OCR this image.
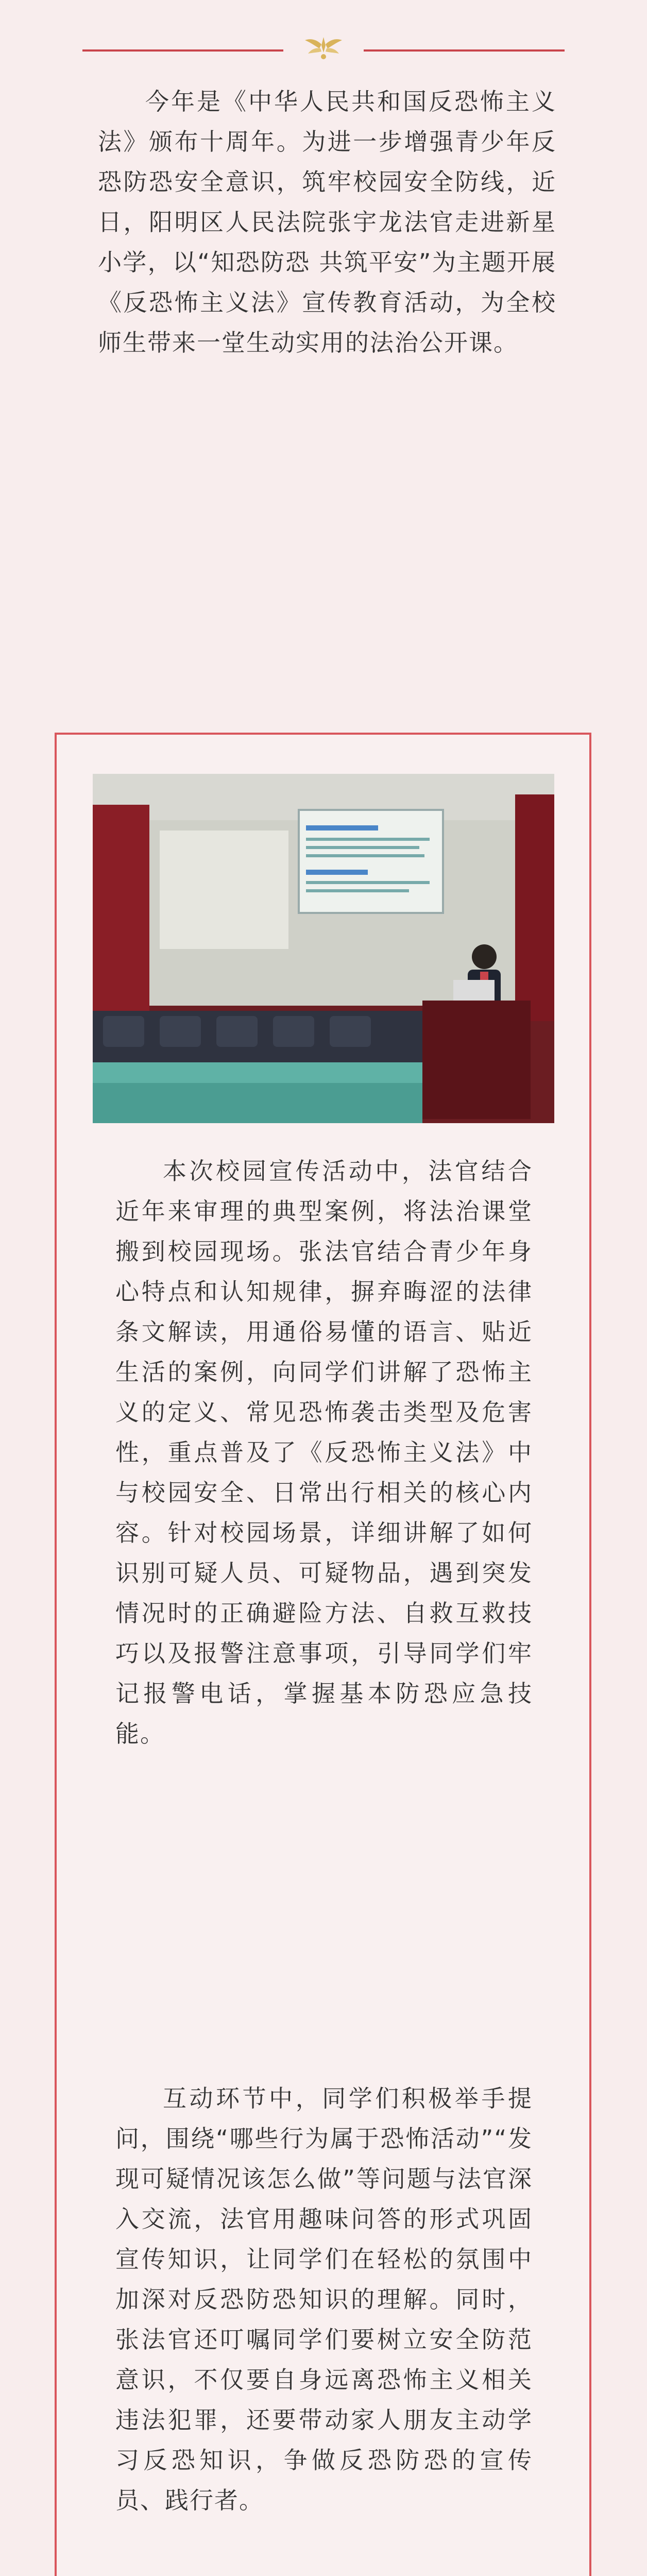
今年是《中华人民共和国反恐怖主义法》颁布十周年。为进一步增强青少年反恐防恐安全意识，筑牢校园安全防线，近日，阳明区人民法院张宇龙法官走进新星小学，以“知恐防恐 共筑平安”为主题开展《反恐怖主义法》宣传教育活动，为全校师生带来一堂生动实用的法治公开课。

本次校园宣传活动中，法官结合近年来审理的典型案例，将法治课堂搬到校园现场。张法官结合青少年身心特点和认知规律，摒弃晦涩的法律条文解读，用通俗易懂的语言、贴近生活的案例，向同学们讲解了恐怖主义的定义、常见恐怖袭击类型及危害性，重点普及了《反恐怖主义法》中与校园安全、日常出行相关的核心内容。针对校园场景，详细讲解了如何识别可疑人员、可疑物品，遇到突发情况时的正确避险方法、自救互救技巧以及报警注意事项，引导同学们牢记报警电话，掌握基本防恐应急技能。

互动环节中，同学们积极举手提问，围绕“哪些行为属于恐怖活动”“发现可疑情况该怎么做”等问题与法官深入交流，法官用趣味问答的形式巩固宣传知识，让同学们在轻松的氛围中加深对反恐防恐知识的理解。同时，张法官还叮嘱同学们要树立安全防范意识，不仅要自身远离恐怖主义相关违法犯罪，还要带动家人朋友主动学习反恐知识，争做反恐防恐的宣传员、践行者。
